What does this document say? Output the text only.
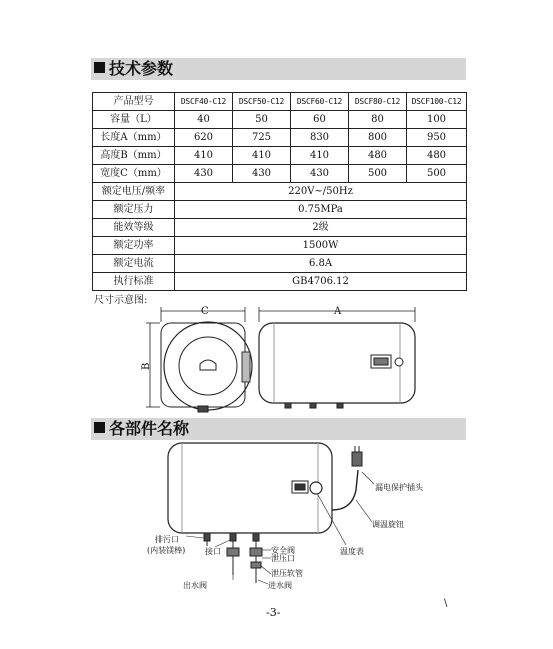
技术参数
产品型号	DSCF40-C12	DSCF50-C12	DSCF60-C12	DSCF80-C12	DSCF100-C12
容量（L）	40	50	60	80	100
长度A（mm）	620	725	830	800	950
高度B（mm）	410	410	410	480	480
宽度C（mm）	430	430	430	500	500
额定电压/频率	220V~/50Hz				
额定压力	0.75MPa				
能效等级	2级				
额定功率	1500W				
额定电流	6.8A				
执行标准	GB4706.12				
尺寸示意图:
C
B
A
各部件名称
排污口
(内装镁棒) 接口	安全阀
泄压口
泄压软管
进水阀
出水阀
漏电保护插头
调温旋钮
温度表
-3-
\
